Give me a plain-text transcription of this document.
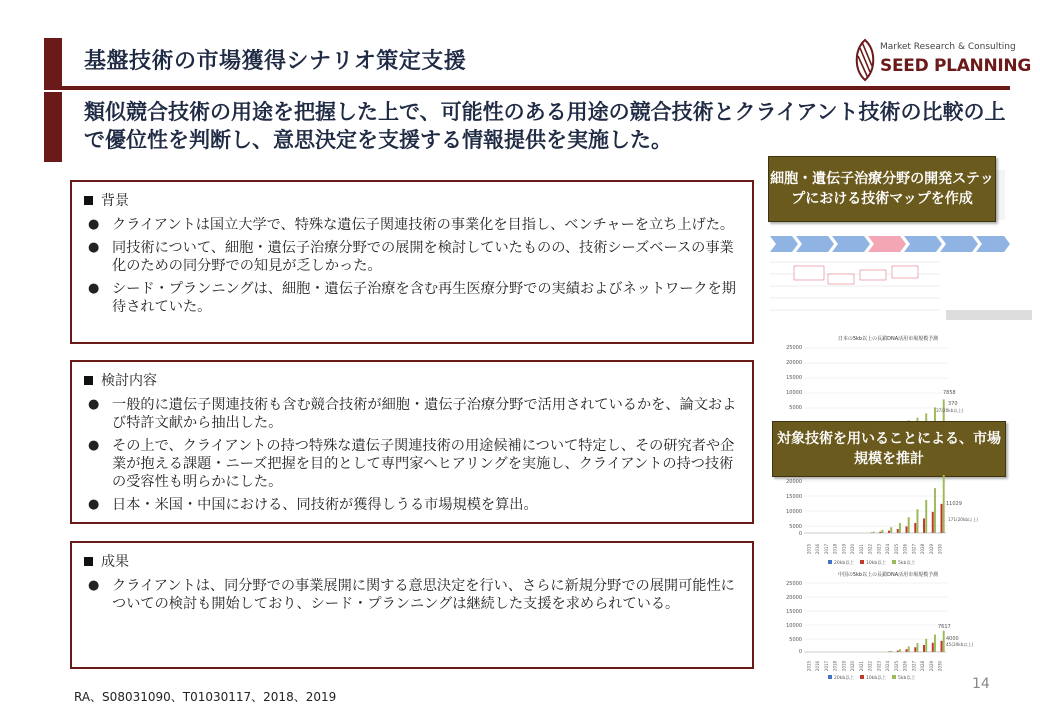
基盤技術の市場獲得シナリオ策定支援
Market Research & Consulting
SEED PLANNING
類似競合技術の用途を把握した上で、可能性のある用途の競合技術とクライアント技術の比較の上で優位性を判断し、意思決定を支援する情報提供を実施した。
背景
● クライアントは国立大学で、特殊な遺伝子関連技術の事業化を目指し、ベンチャーを立ち上げた。
● 同技術について、細胞・遺伝子治療分野での展開を検討していたものの、技術シーズベースの事業化のための同分野での知見が乏しかった。
● シード・プランニングは、細胞・遺伝子治療を含む再生医療分野での実績およびネットワークを期待されていた。
検討内容
● 一般的に遺伝子関連技術も含む競合技術が細胞・遺伝子治療分野で活用されているかを、論文および特許文献から抽出した。
● その上で、クライアントの持つ特殊な遺伝子関連技術の用途候補について特定し、その研究者や企業が抱える課題・ニーズ把握を目的として専門家へヒアリングを実施し、クライアントの持つ技術の受容性も明らかにした。
● 日本・米国・中国における、同技術が獲得しうる市場規模を算出。
成果
● クライアントは、同分野での事業展開に関する意思決定を行い、さらに新規分野での展開可能性についての検討も開始しており、シード・プランニングは継続した支援を求められている。
細胞・遺伝子治療分野の開発ステップにおける技術マップを作成
日本の5kb以上の長鎖DNA活用市場規模予測
25000
20000
15000
10000
5000
7858
370
37(20kb以上)
対象技術を用いることによる、市場規模を推計
20000
15000
10000
5000
0
11029
171(20kb以上)
2015 2016 2017 2018 2019 2020 2021 2022 2023 2024 2025 2026 2027 2028 2029 2030
20kb以上	10kb以上	5kb以上
中国の5kb以上の長鎖DNA活用市場規模予測
25000
20000
15000
10000
5000
0
7617
4000
45(20kb以上)
2015 2016 2017 2018 2019 2020 2021 2022 2023 2024 2025 2026 2027 2028 2029 2030
20kb以上	10kb以上	5kb以上
RA、S08031090、T01030117、2018、2019
14
